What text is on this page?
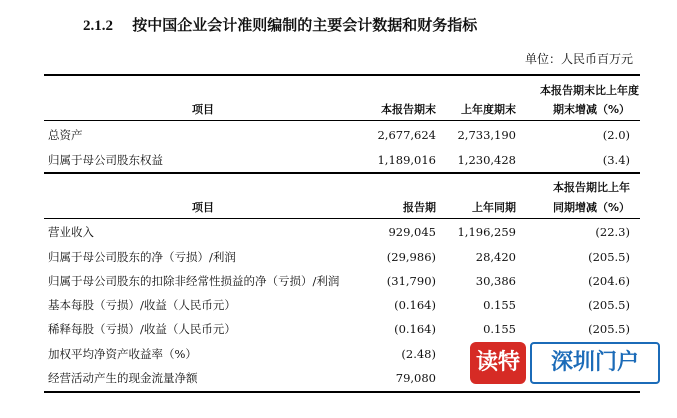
2.1.2 按中国企业会计准则编制的主要会计数据和财务指标
单位：人民币百万元
本报告期末比上年度
项目	本报告期末	上年度期末	期末增减（%）
总资产	2,677,624	2,733,190	(2.0)
归属于母公司股东权益	1,189,016	1,230,428	(3.4)
本报告期比上年
项目	报告期	上年同期	同期增减（%）
营业收入	929,045	1,196,259	(22.3)
归属于母公司股东的净（亏损）/利润	(29,986)	28,420	(205.5)
归属于母公司股东的扣除非经常性损益的净（亏损）/利润	(31,790)	30,386	(204.6)
基本每股（亏损）/收益（人民币元）	(0.164)	0.155	(205.5)
稀释每股（亏损）/收益（人民币元）	(0.164)	0.155	(205.5)
加权平均净资产收益率（%）	(2.48)
经营活动产生的现金流量净额	79,080
读特	深圳门户
